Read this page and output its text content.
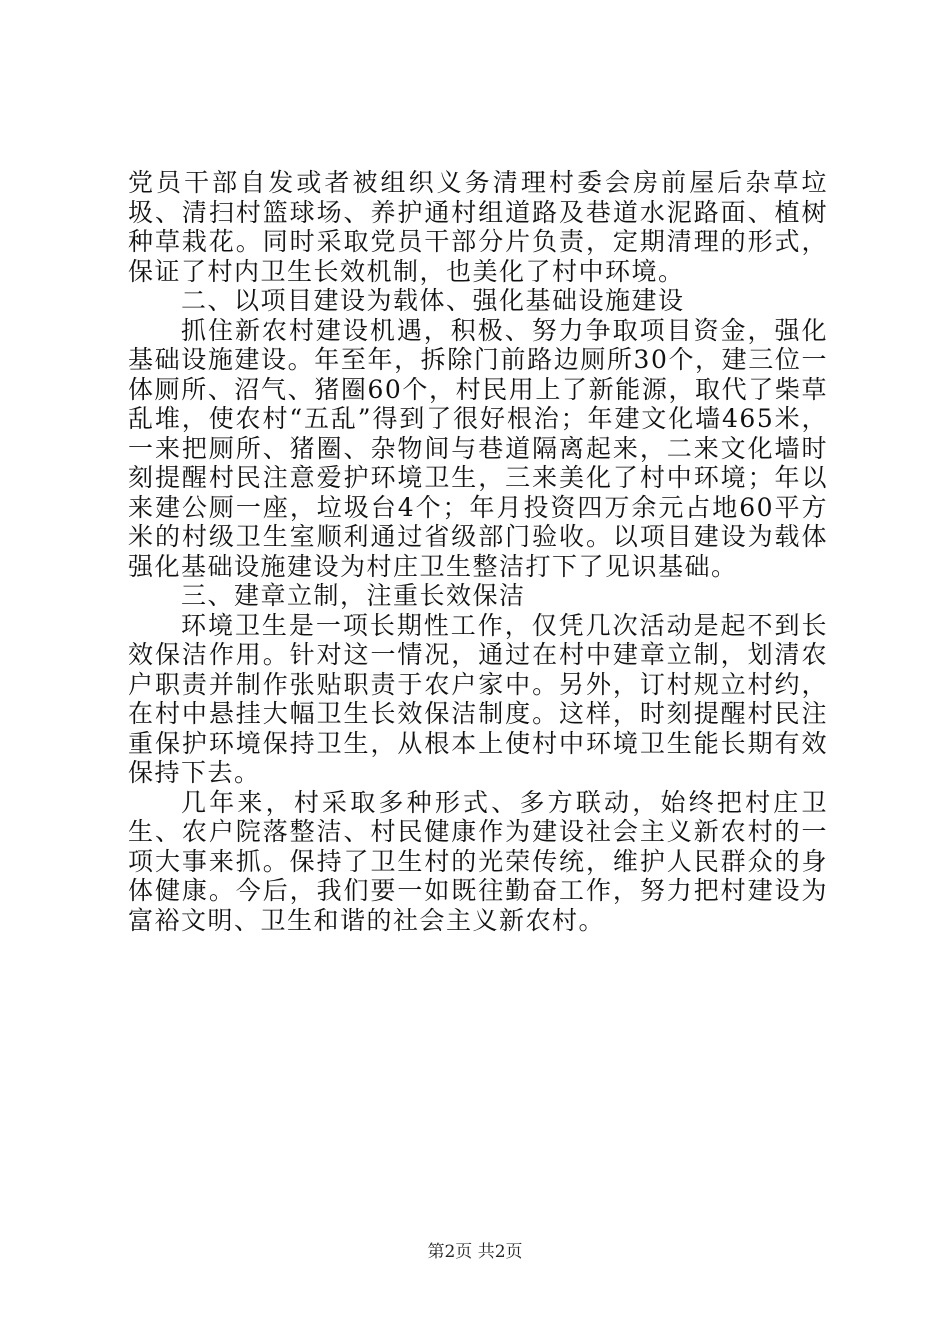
党员干部自发或者被组织义务清理村委会房前屋后杂草垃圾、清扫村篮球场、养护通村组道路及巷道水泥路面、植树种草栽花。同时采取党员干部分片负责，定期清理的形式，保证了村内卫生长效机制，也美化了村中环境。

二、以项目建设为载体、强化基础设施建设

抓住新农村建设机遇，积极、努力争取项目资金，强化基础设施建设。年至年，拆除门前路边厕所30个，建三位一体厕所、沼气、猪圈60个，村民用上了新能源，取代了柴草乱堆，使农村“五乱”得到了很好根治；年建文化墙465米，一来把厕所、猪圈、杂物间与巷道隔离起来，二来文化墙时刻提醒村民注意爱护环境卫生，三来美化了村中环境；年以来建公厕一座，垃圾台4个；年月投资四万余元占地60平方米的村级卫生室顺利通过省级部门验收。以项目建设为载体强化基础设施建设为村庄卫生整洁打下了见识基础。

三、建章立制，注重长效保洁

环境卫生是一项长期性工作，仅凭几次活动是起不到长效保洁作用。针对这一情况，通过在村中建章立制，划清农户职责并制作张贴职责于农户家中。另外，订村规立村约，在村中悬挂大幅卫生长效保洁制度。这样，时刻提醒村民注重保护环境保持卫生，从根本上使村中环境卫生能长期有效保持下去。

几年来，村采取多种形式、多方联动，始终把村庄卫生、农户院落整洁、村民健康作为建设社会主义新农村的一项大事来抓。保持了卫生村的光荣传统，维护人民群众的身体健康。今后，我们要一如既往勤奋工作，努力把村建设为富裕文明、卫生和谐的社会主义新农村。

第2页 共2页
